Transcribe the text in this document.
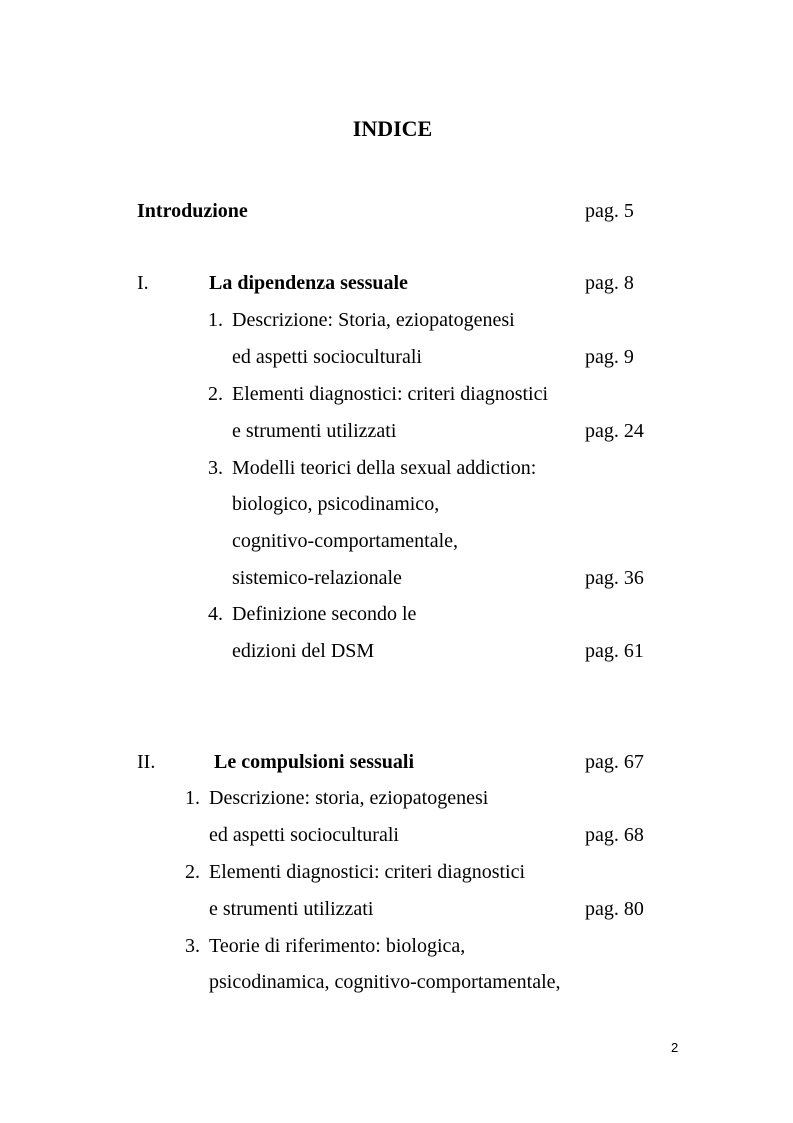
INDICE
Introduzione	pag. 5
I.	La dipendenza sessuale	pag. 8
1. Descrizione: Storia, eziopatogenesi
ed aspetti socioculturali	pag. 9
2. Elementi diagnostici: criteri diagnostici
e strumenti utilizzati	pag. 24
3. Modelli teorici della sexual addiction:
biologico, psicodinamico,
cognitivo-comportamentale,
sistemico-relazionale	pag. 36
4. Definizione secondo le
edizioni del DSM	pag. 61
II.	Le compulsioni sessuali	pag. 67
1. Descrizione: storia, eziopatogenesi
ed aspetti socioculturali	pag. 68
2. Elementi diagnostici: criteri diagnostici
e strumenti utilizzati	pag. 80
3. Teorie di riferimento: biologica,
psicodinamica, cognitivo-comportamentale,
2
